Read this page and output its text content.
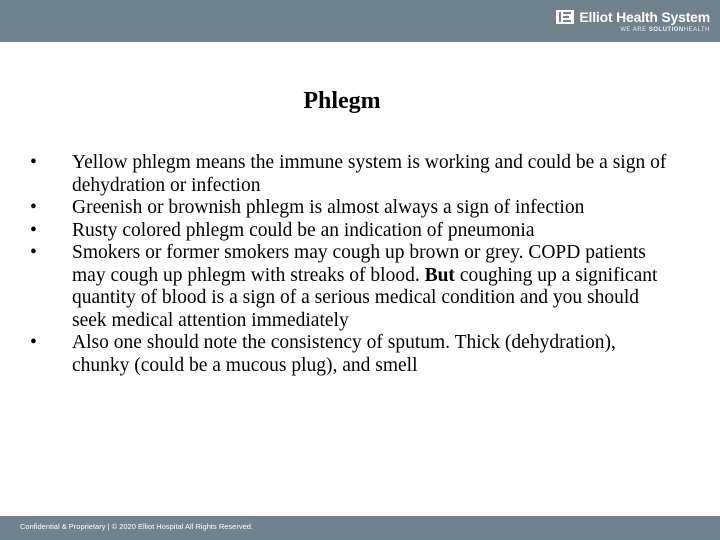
Elliot Health System
WE ARE SOLUTIONHEALTH
Phlegm
•	Yellow phlegm means the immune system is working and could be a sign of dehydration or infection
•	Greenish or brownish phlegm is almost always a sign of infection
•	Rusty colored phlegm could be an indication of pneumonia
•	Smokers or former smokers may cough up brown or grey. COPD patients may cough up phlegm with streaks of blood. But coughing up a significant quantity of blood is a sign of a serious medical condition and you should seek medical attention immediately
•	Also one should note the consistency of sputum. Thick (dehydration), chunky (could be a mucous plug), and smell
Confidential & Proprietary | © 2020 Elliot Hospital All Rights Reserved.
